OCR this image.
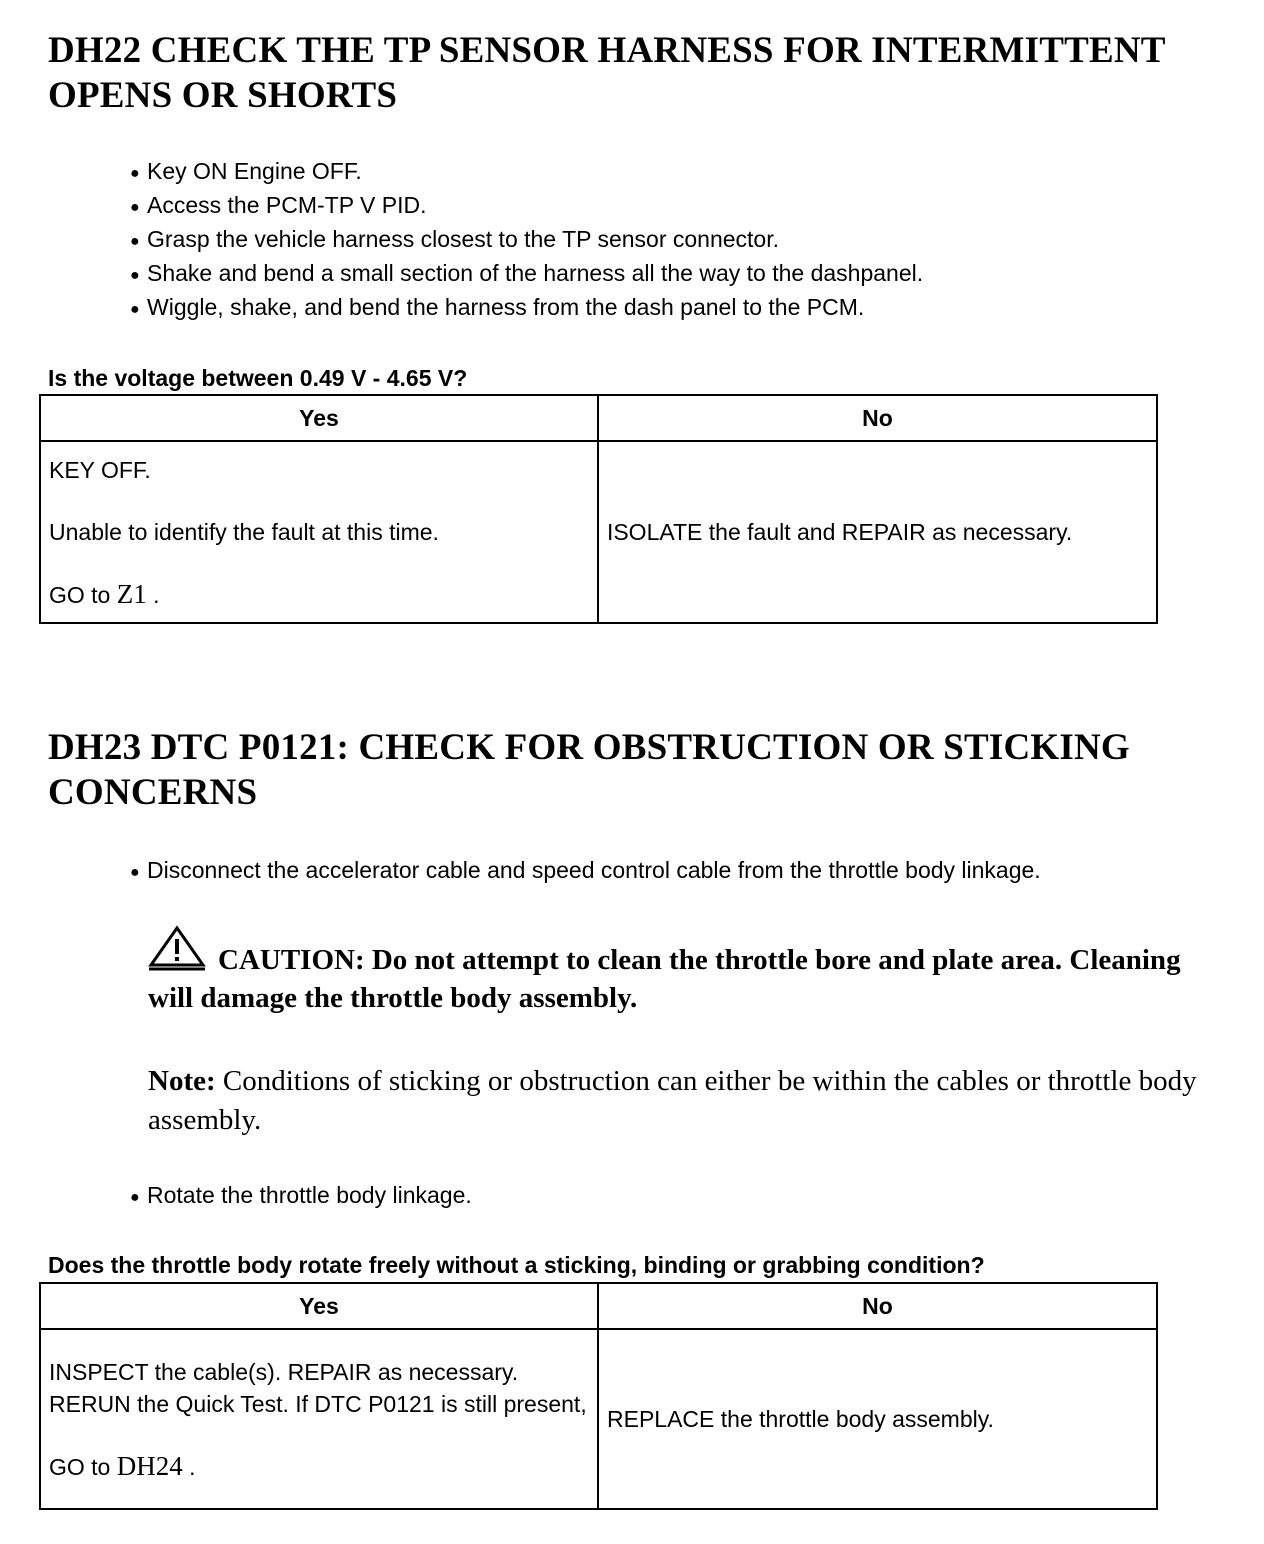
DH22 CHECK THE TP SENSOR HARNESS FOR INTERMITTENT OPENS OR SHORTS
● Key ON Engine OFF.
● Access the PCM-TP V PID.
● Grasp the vehicle harness closest to the TP sensor connector.
● Shake and bend a small section of the harness all the way to the dashpanel.
● Wiggle, shake, and bend the harness from the dash panel to the PCM.
Is the voltage between 0.49 V - 4.65 V?
Yes	No

KEY OFF.

Unable to identify the fault at this time.

GO to Z1 .	ISOLATE the fault and REPAIR as necessary.

DH23 DTC P0121: CHECK FOR OBSTRUCTION OR STICKING CONCERNS
● Disconnect the accelerator cable and speed control cable from the throttle body linkage.
CAUTION: Do not attempt to clean the throttle bore and plate area. Cleaning will damage the throttle body assembly.
Note: Conditions of sticking or obstruction can either be within the cables or throttle body assembly.
● Rotate the throttle body linkage.
Does the throttle body rotate freely without a sticking, binding or grabbing condition?
Yes	No

INSPECT the cable(s). REPAIR as necessary. RERUN the Quick Test. If DTC P0121 is still present,

GO to DH24 .	REPLACE the throttle body assembly.
